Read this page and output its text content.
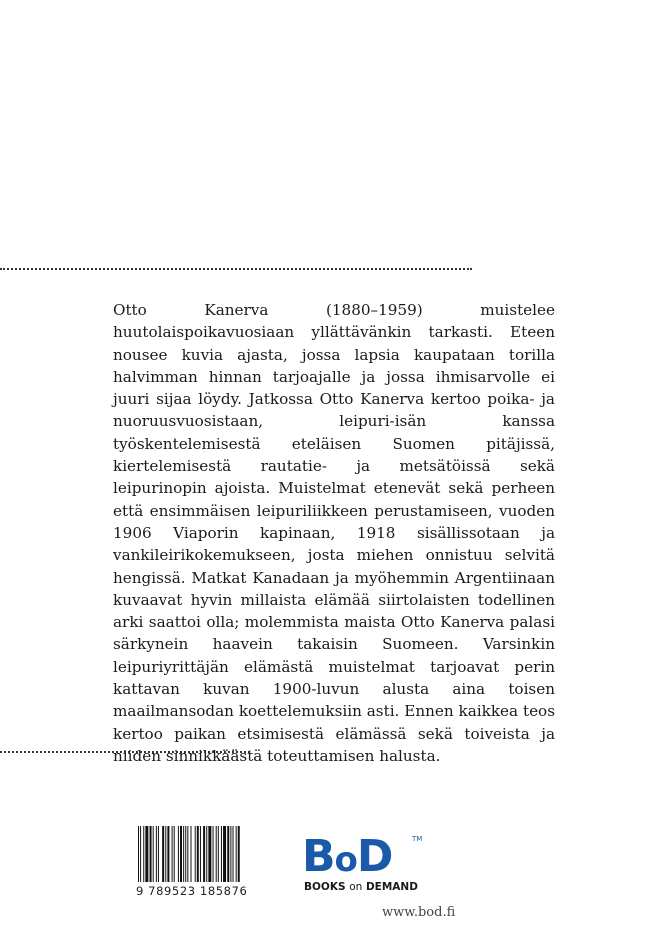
Otto Kanerva (1880–1959) muistelee huutolaispoikavuosiaan yllättävänkin tarkasti. Eteen nousee kuvia ajasta, jossa lapsia kaupataan torilla halvimman hinnan tarjoajalle ja jossa ihmisarvolle ei juuri sijaa löydy. Jatkossa Otto Kanerva kertoo poika- ja nuoruusvuosistaan, leipuri-isän kanssa työskentelemisestä eteläisen Suomen pitäjissä, kiertelemisestä rautatie- ja metsätöissä sekä leipurinopin ajoista. Muistelmat etenevät sekä perheen että ensimmäisen leipuriliikkeen perustamiseen, vuoden 1906 Viaporin kapinaan, 1918 sisällissotaan ja vankileirikokemukseen, josta miehen onnistuu selvitä hengissä. Matkat Kanadaan ja myöhemmin Argentiinaan kuvaavat hyvin millaista elämää siirtolaisten todellinen arki saattoi olla; molemmista maista Otto Kanerva palasi särkynein haavein takaisin Suomeen. Varsinkin leipuriyrittäjän elämästä muistelmat tarjoavat perin kattavan kuvan 1900-luvun alusta aina toisen maailmansodan koettelemuksiin asti. Ennen kaikkea teos kertoo paikan etsimisestä elämässä sekä toiveista ja niiden sinnikkäästä toteuttamisen halusta.

9 789523 185876
BoD	TM
BOOKS on DEMAND
www.bod.fi
